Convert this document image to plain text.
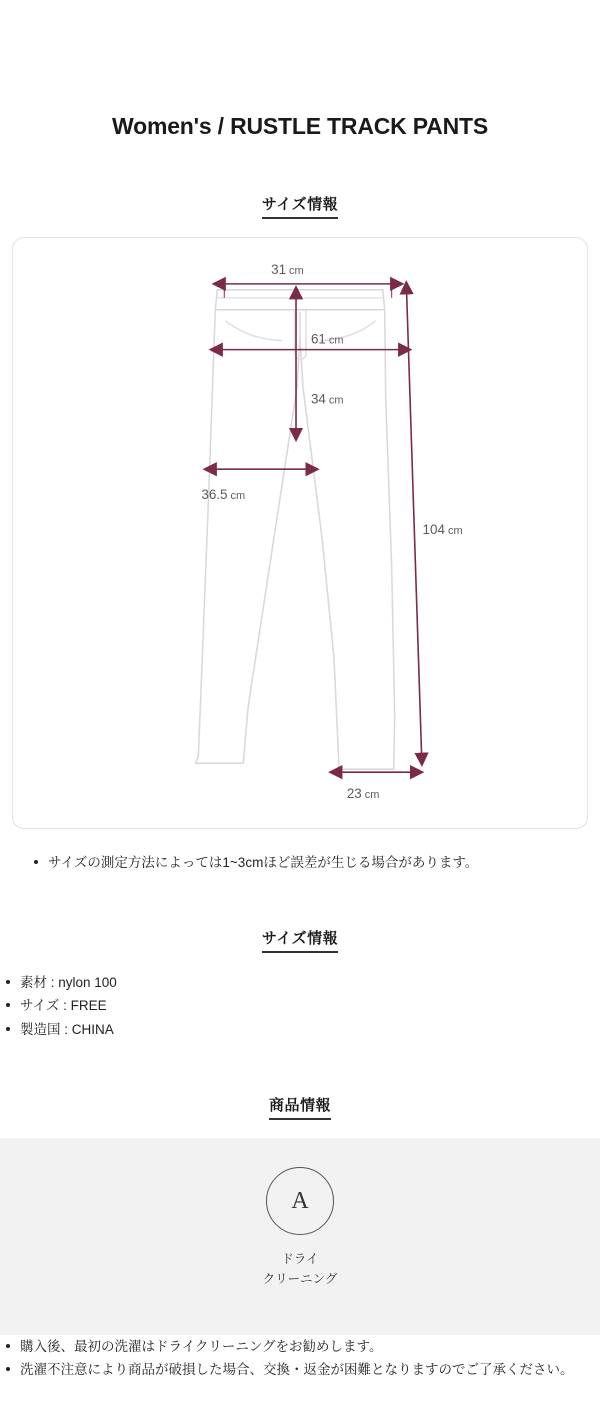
Women's / RUSTLE TRACK PANTS
サイズ情報
31 cm
61 cm
34 cm
36.5 cm
104 cm
23 cm
サイズの測定方法によっては1~3cmほど誤差が生じる場合があります。
サイズ情報
素材 : nylon 100
サイズ : FREE
製造国 : CHINA
商品情報
A
ドライ
クリーニング
購入後、最初の洗濯はドライクリーニングをお勧めします。
洗濯不注意により商品が破損した場合、交換・返金が困難となりますのでご了承ください。
